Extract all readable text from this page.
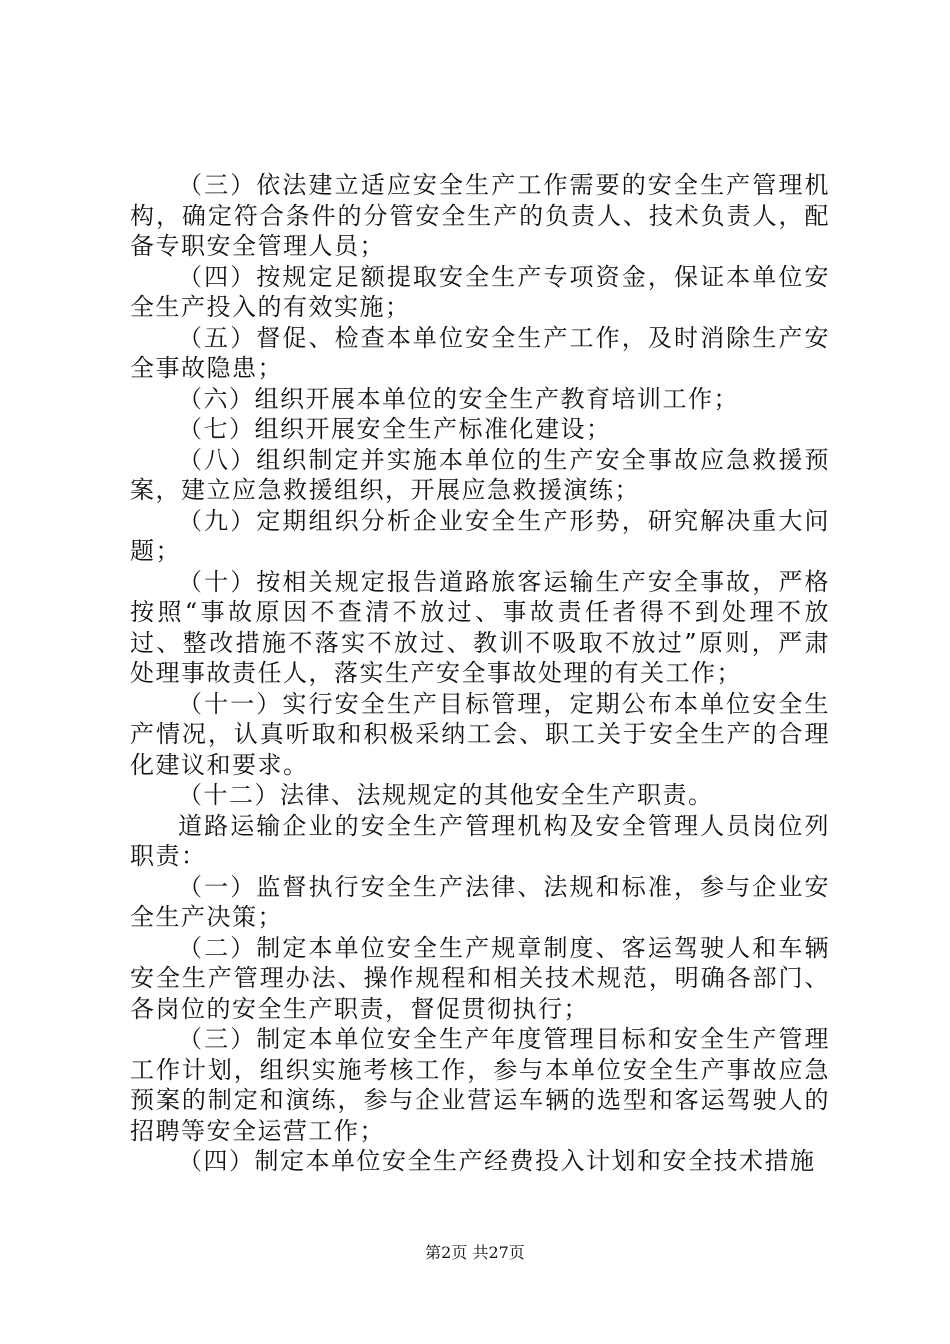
（三）依法建立适应安全生产工作需要的安全生产管理机构，确定符合条件的分管安全生产的负责人、技术负责人，配备专职安全管理人员；

（四）按规定足额提取安全生产专项资金，保证本单位安全生产投入的有效实施；

（五）督促、检查本单位安全生产工作，及时消除生产安全事故隐患；

（六）组织开展本单位的安全生产教育培训工作；

（七）组织开展安全生产标准化建设；

（八）组织制定并实施本单位的生产安全事故应急救援预案，建立应急救援组织，开展应急救援演练；

（九）定期组织分析企业安全生产形势，研究解决重大问题；

（十）按相关规定报告道路旅客运输生产安全事故，严格按照“事故原因不查清不放过、事故责任者得不到处理不放过、整改措施不落实不放过、教训不吸取不放过”原则，严肃处理事故责任人，落实生产安全事故处理的有关工作；

（十一）实行安全生产目标管理，定期公布本单位安全生产情况，认真听取和积极采纳工会、职工关于安全生产的合理化建议和要求。

（十二）法律、法规规定的其他安全生产职责。

道路运输企业的安全生产管理机构及安全管理人员岗位列职责：

（一）监督执行安全生产法律、法规和标准，参与企业安全生产决策；

（二）制定本单位安全生产规章制度、客运驾驶人和车辆安全生产管理办法、操作规程和相关技术规范，明确各部门、各岗位的安全生产职责，督促贯彻执行；

（三）制定本单位安全生产年度管理目标和安全生产管理工作计划，组织实施考核工作，参与本单位安全生产事故应急预案的制定和演练，参与企业营运车辆的选型和客运驾驶人的招聘等安全运营工作；

（四）制定本单位安全生产经费投入计划和安全技术措施

第2页 共27页
